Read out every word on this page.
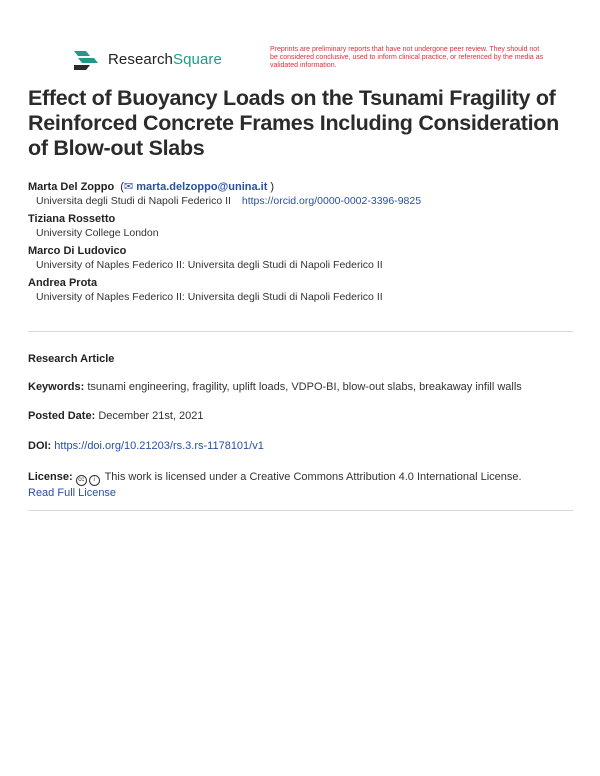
ResearchSquare
Preprints are preliminary reports that have not undergone peer review. They should not be considered conclusive, used to inform clinical practice, or referenced by the media as validated information.
Effect of Buoyancy Loads on the Tsunami Fragility of Reinforced Concrete Frames Including Consideration of Blow-out Slabs
Marta Del Zoppo  (✉ marta.delzoppo@unina.it )
Universita degli Studi di Napoli Federico II https://orcid.org/0000-0002-3396-9825
Tiziana Rossetto
University College London
Marco Di Ludovico
University of Naples Federico II: Universita degli Studi di Napoli Federico II
Andrea Prota
University of Naples Federico II: Universita degli Studi di Napoli Federico II
Research Article
Keywords: tsunami engineering, fragility, uplift loads, VDPO-BI, blow-out slabs, breakaway infill walls
Posted Date: December 21st, 2021
DOI: https://doi.org/10.21203/rs.3.rs-1178101/v1
License: cc i This work is licensed under a Creative Commons Attribution 4.0 International License.
Read Full License
